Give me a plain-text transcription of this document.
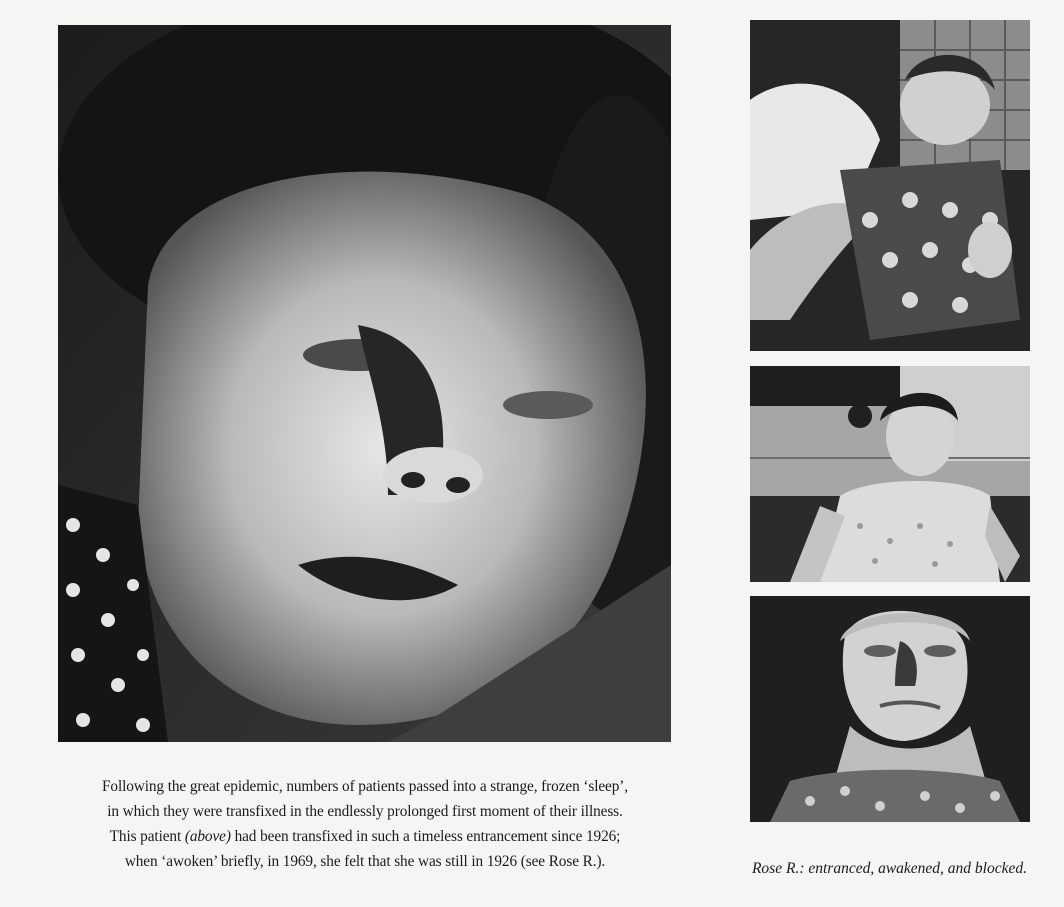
Following the great epidemic, numbers of patients passed into a strange, frozen ‘sleep’,

in which they were transfixed in the endlessly prolonged first moment of their illness.

This patient (above) had been transfixed in such a timeless entrancement since 1926;

when ‘awoken’ briefly, in 1969, she felt that she was still in 1926 (see Rose R.).	Rose R.: entranced, awakened, and blocked.
